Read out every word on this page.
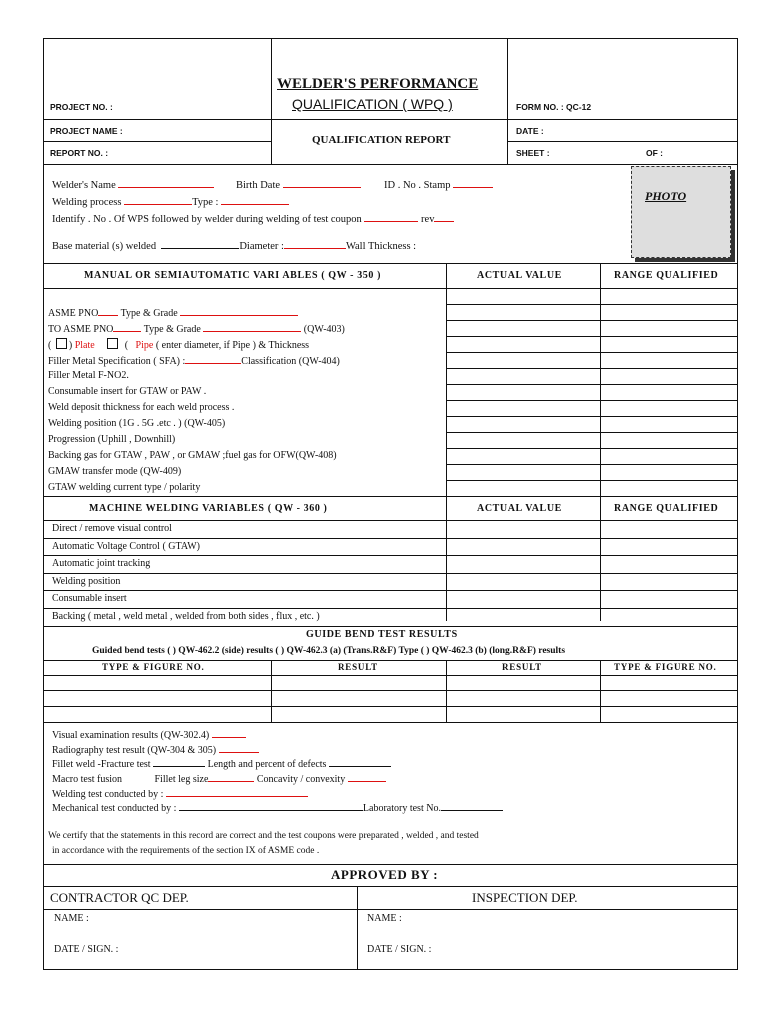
WELDER'S PERFORMANCE
QUALIFICATION ( WPQ )
QUALIFICATION REPORT
PROJECT NO. :
PROJECT NAME :
REPORT NO. :
FORM NO. : QC-12
DATE :
SHEET :	OF :
Welder's Name	Birth Date	ID . No . Stamp
Welding process	Type :
Identify . No . Of WPS followed by welder during welding of test coupon	rev
Base material (s) welded	Diameter :	Wall Thickness :
PHOTO
MANUAL OR SEMIAUTOMATIC VARI ABLES ( QW - 350 )	ACTUAL VALUE	RANGE QUALIFIED
ASME PNO Type & Grade
TO ASME PNO	Type & Grade	(QW-403)
( ) Plate	( Pipe ( enter diameter, if Pipe ) & Thickness
Filler Metal Specification ( SFA) :	Classification (QW-404)
Filler Metal F-NO2.
Consumable insert for GTAW or PAW .
Weld deposit thickness for each weld process .
Welding position (1G . 5G .etc . ) (QW-405)
Progression (Uphill , Downhill)
Backing gas for GTAW , PAW , or GMAW ;fuel gas for OFW(QW-408)
GMAW transfer mode (QW-409)
GTAW welding current type / polarity
MACHINE WELDING VARIABLES ( QW - 360 )	ACTUAL VALUE	RANGE QUALIFIED
Direct / remove visual control
Automatic Voltage Control ( GTAW)
Automatic joint tracking
Welding position
Consumable insert
Backing ( metal , weld metal , welded from both sides , flux , etc. )
GUIDE BEND TEST RESULTS
Guided bend tests ( ) QW-462.2 (side) results ( ) QW-462.3 (a) (Trans.R&F) Type ( ) QW-462.3 (b) (long.R&F) results
TYPE & FIGURE NO.	RESULT	RESULT	TYPE & FIGURE NO.
Visual examination results (QW-302.4)
Radiography test result (QW-304 & 305)
Fillet weld -Fracture test	Length and percent of defects
Macro test fusion	Fillet leg size	Concavity / convexity
Welding test conducted by :
Mechanical test conducted by :	Laboratory test No.
We certify that the statements in this record are correct and the test coupons were preparated , welded , and tested
in accordance with the requirements of the section IX of ASME code .
APPROVED BY :
CONTRACTOR QC DEP.	INSPECTION DEP.
NAME :
DATE / SIGN. :
NAME :
DATE / SIGN. :
